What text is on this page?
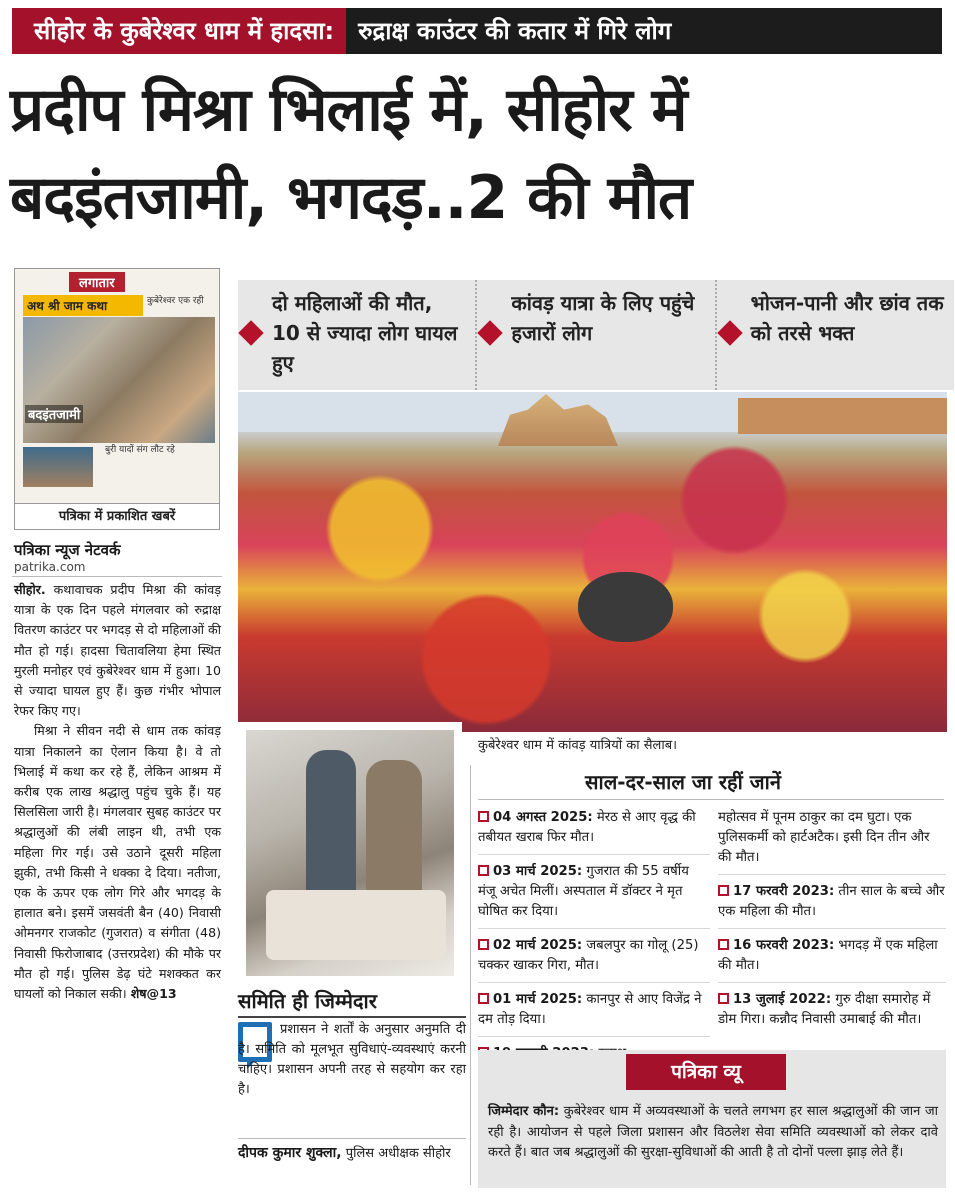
सीहोर के कुबेरेश्वर धाम में हादसा:	रुद्राक्ष काउंटर की कतार में गिरे लोग
प्रदीप मिश्रा भिलाई में, सीहोर में
बदइंतजामी, भगदड़..2 की मौत
लगातार
अथ श्री जाम कथा	कुबेरेश्वर एक रही
बदइंतजामी
बुरी यादों संग लौट रहे
पत्रिका में प्रकाशित खबरें
पत्रिका न्यूज नेटवर्क
patrika.com

सीहोर. कथावाचक प्रदीप मिश्रा की कांवड़ यात्रा के एक दिन पहले मंगलवार को रुद्राक्ष वितरण काउंटर पर भगदड़ से दो महिलाओं की मौत हो गई। हादसा चितावलिया हेमा स्थित मुरली मनोहर एवं कुबेरेश्वर धाम में हुआ। 10 से ज्यादा घायल हुए हैं। कुछ गंभीर भोपाल रेफर किए गए।

मिश्रा ने सीवन नदी से धाम तक कांवड़ यात्रा निकालने का ऐलान किया है। वे तो भिलाई में कथा कर रहे हैं, लेकिन आश्रम में करीब एक लाख श्रद्धालु पहुंच चुके हैं। यह सिलसिला जारी है। मंगलवार सुबह काउंटर पर श्रद्धालुओं की लंबी लाइन थी, तभी एक महिला गिर गई। उसे उठाने दूसरी महिला झुकी, तभी किसी ने धक्का दे दिया। नतीजा, एक के ऊपर एक लोग गिरे और भगदड़ के हालात बने। इसमें जसवंती बैन (40) निवासी ओमनगर राजकोट (गुजरात) व संगीता (48) निवासी फिरोजाबाद (उत्तरप्रदेश) की मौके पर मौत हो गई। पुलिस डेढ़ घंटे मशक्कत कर घायलों को निकाल सकी। शेष@13

दो महिलाओं की मौत, 10 से ज्यादा लोग घायल हुए
कांवड़ यात्रा के लिए पहुंचे हजारों लोग
भोजन-पानी और छांव तक को तरसे भक्त
कुबेरेश्वर धाम में कांवड़ यात्रियों का सैलाब।
समिति ही जिम्मेदार
प्रशासन ने शर्तों के अनुसार अनुमति दी है। समिति को मूलभूत सुविधाएं-व्यवस्थाएं करनी चाहिए। प्रशासन अपनी तरह से सहयोग कर रहा है।
दीपक कुमार शुक्ला, पुलिस अधीक्षक सीहोर
साल-दर-साल जा रहीं जानें
04 अगस्त 2025: मेरठ से आए वृद्ध की तबीयत खराब फिर मौत।
03 मार्च 2025: गुजरात की 55 वर्षीय मंजू अचेत मिलीं। अस्पताल में डॉक्टर ने मृत घोषित कर दिया।
02 मार्च 2025: जबलपुर का गोलू (25) चक्कर खाकर गिरा, मौत।
01 मार्च 2025: कानपुर से आए विजेंद्र ने दम तोड़ दिया।
महोत्सव में पूनम ठाकुर का दम घुटा। एक पुलिसकर्मी को हार्टअटैक। इसी दिन तीन और की मौत।
17 फरवरी 2023: तीन साल के बच्चे और एक महिला की मौत।
16 फरवरी 2023: भगदड़ में एक महिला की मौत।
13 जुलाई 2022: गुरु दीक्षा समारोह में डोम गिरा। कन्नौद निवासी उमाबाई की मौत।
पत्रिका व्यू
जिम्मेदार कौन: कुबेरेश्वर धाम में अव्यवस्थाओं के चलते लगभग हर साल श्रद्धालुओं की जान जा रही है। आयोजन से पहले जिला प्रशासन और विठलेश सेवा समिति व्यवस्थाओं को लेकर दावे करते हैं। बात जब श्रद्धालुओं की सुरक्षा-सुविधाओं की आती है तो दोनों पल्ला झाड़ लेते हैं।
